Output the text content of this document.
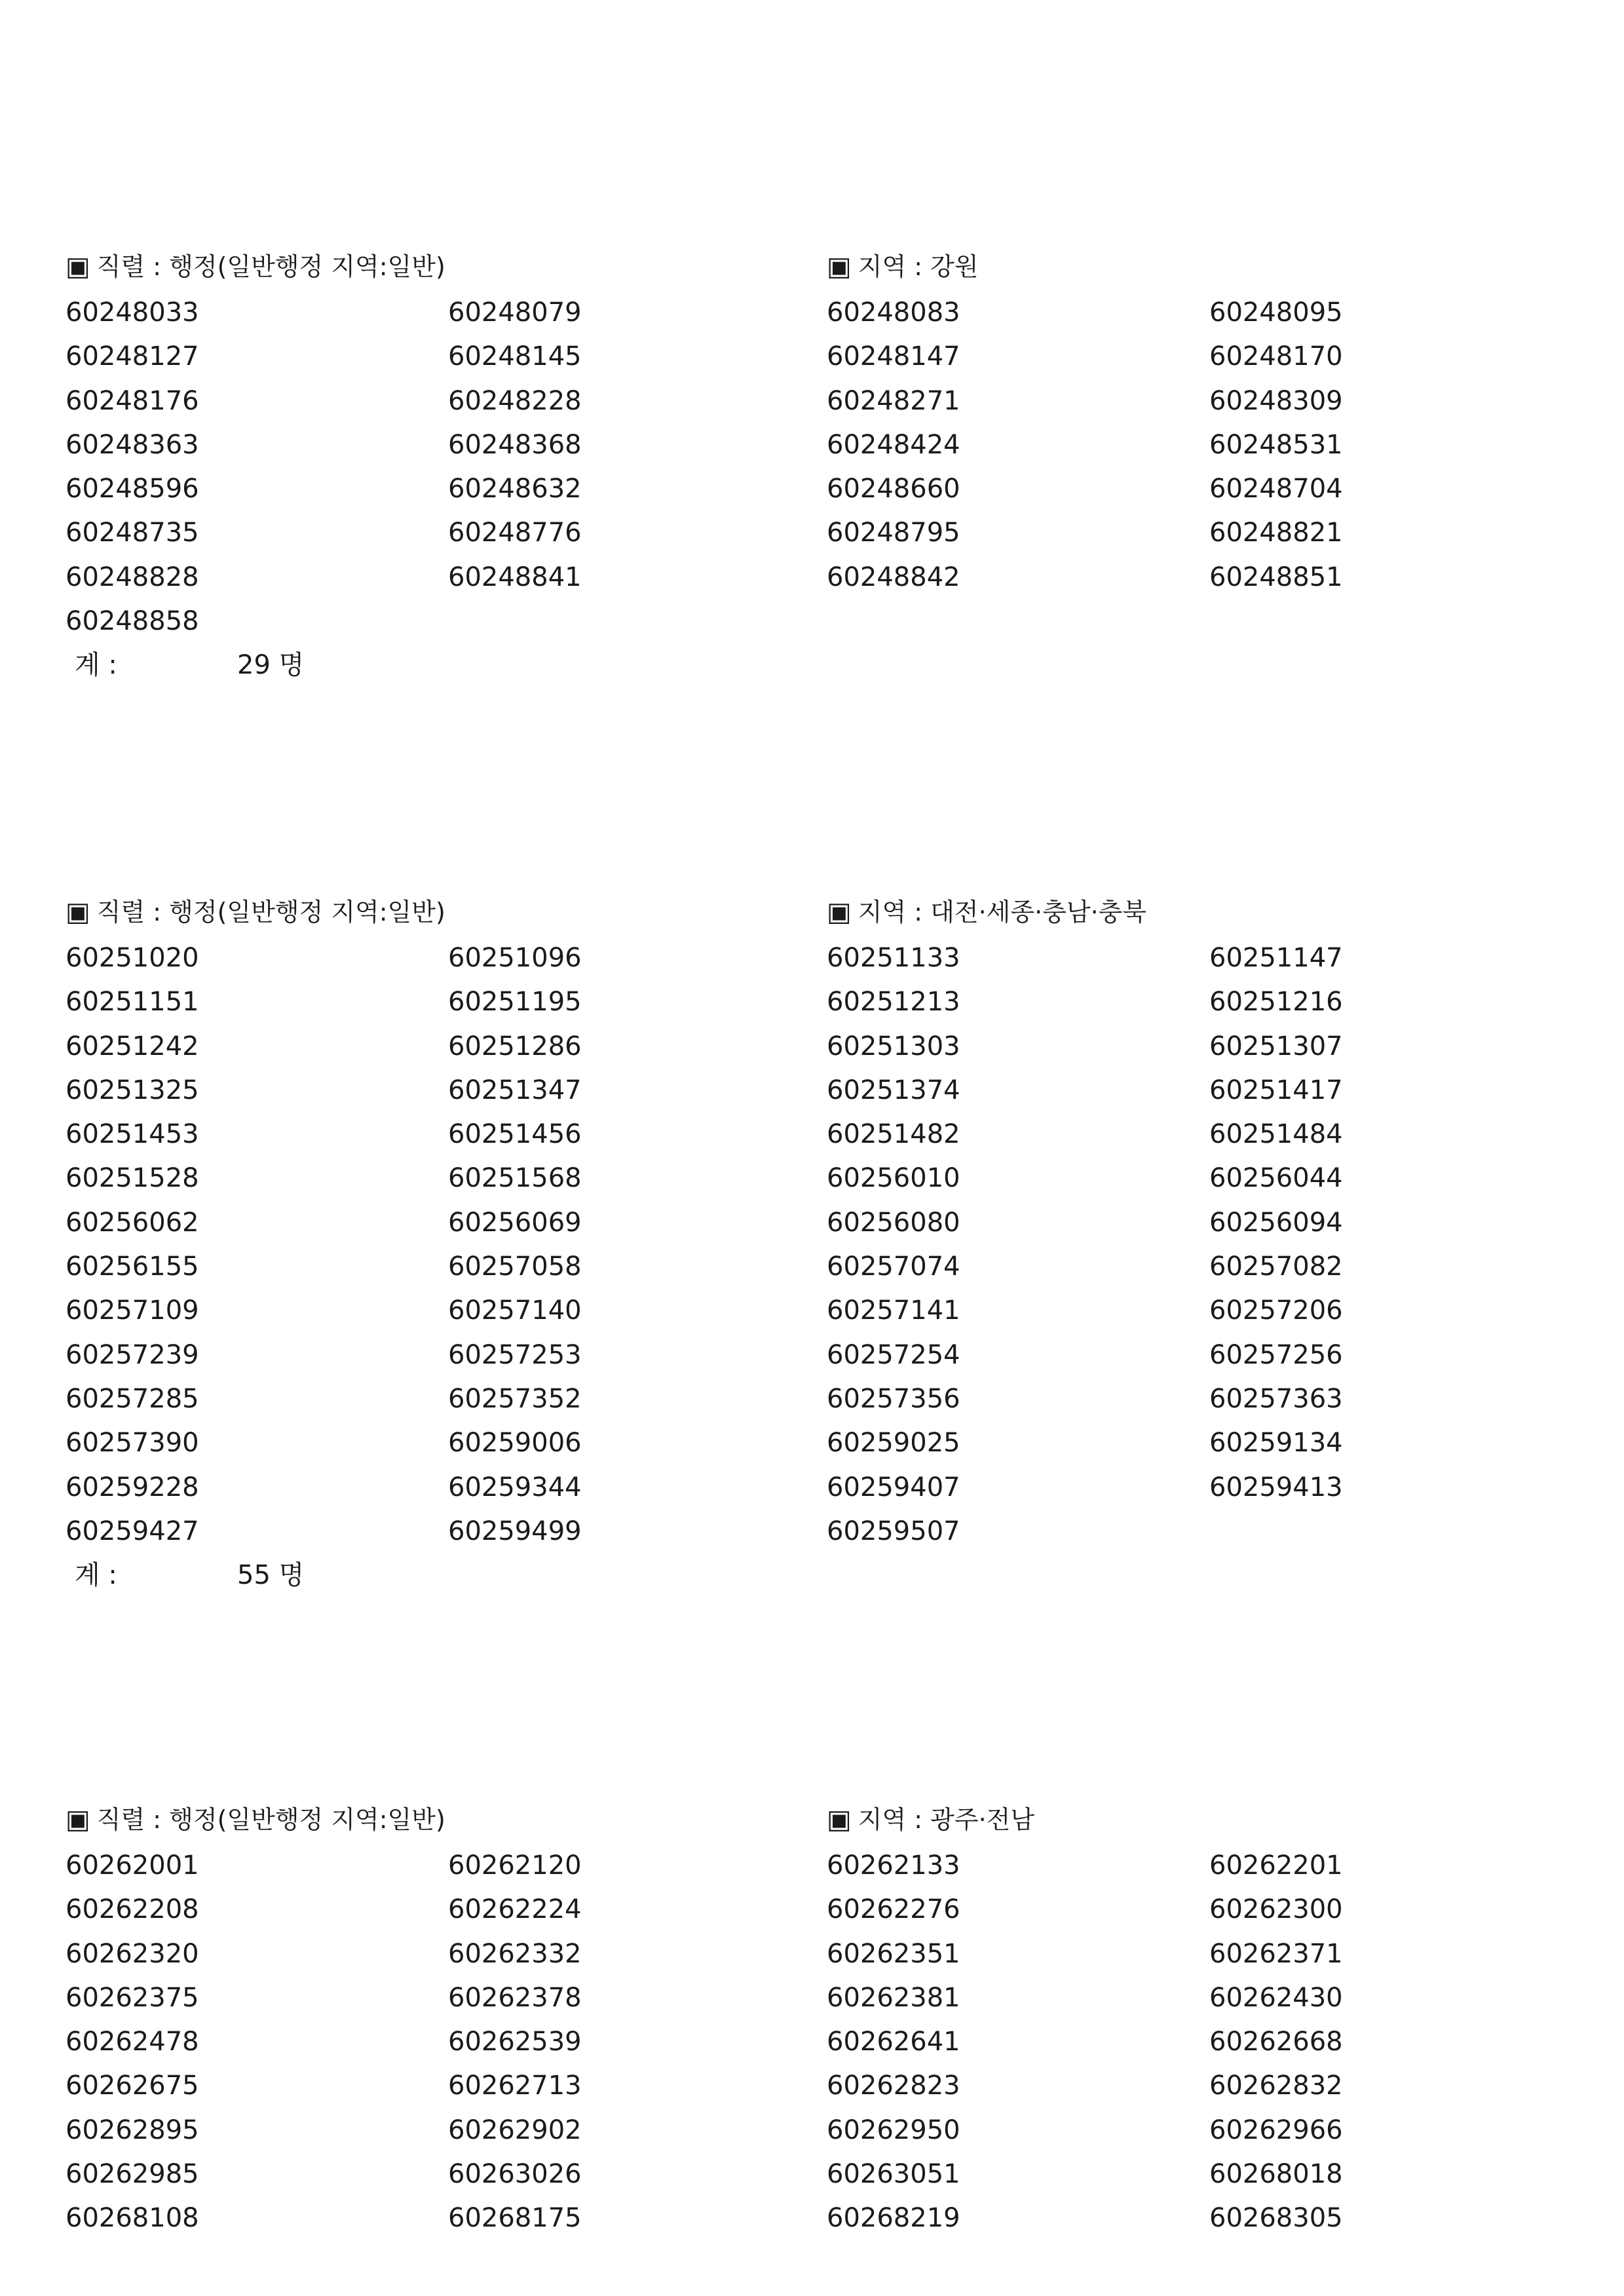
▣ 직렬 : 행정(일반행정 지역:일반)	▣ 지역 : 강원
60248033	60248079	60248083	60248095
60248127	60248145	60248147	60248170
60248176	60248228	60248271	60248309
60248363	60248368	60248424	60248531
60248596	60248632	60248660	60248704
60248735	60248776	60248795	60248821
60248828	60248841	60248842	60248851
60248858
계 :	29 명
▣ 직렬 : 행정(일반행정 지역:일반)	▣ 지역 : 대전·세종·충남·충북
60251020	60251096	60251133	60251147
60251151	60251195	60251213	60251216
60251242	60251286	60251303	60251307
60251325	60251347	60251374	60251417
60251453	60251456	60251482	60251484
60251528	60251568	60256010	60256044
60256062	60256069	60256080	60256094
60256155	60257058	60257074	60257082
60257109	60257140	60257141	60257206
60257239	60257253	60257254	60257256
60257285	60257352	60257356	60257363
60257390	60259006	60259025	60259134
60259228	60259344	60259407	60259413
60259427	60259499	60259507
계 :	55 명
▣ 직렬 : 행정(일반행정 지역:일반)	▣ 지역 : 광주·전남
60262001	60262120	60262133	60262201
60262208	60262224	60262276	60262300
60262320	60262332	60262351	60262371
60262375	60262378	60262381	60262430
60262478	60262539	60262641	60262668
60262675	60262713	60262823	60262832
60262895	60262902	60262950	60262966
60262985	60263026	60263051	60268018
60268108	60268175	60268219	60268305
